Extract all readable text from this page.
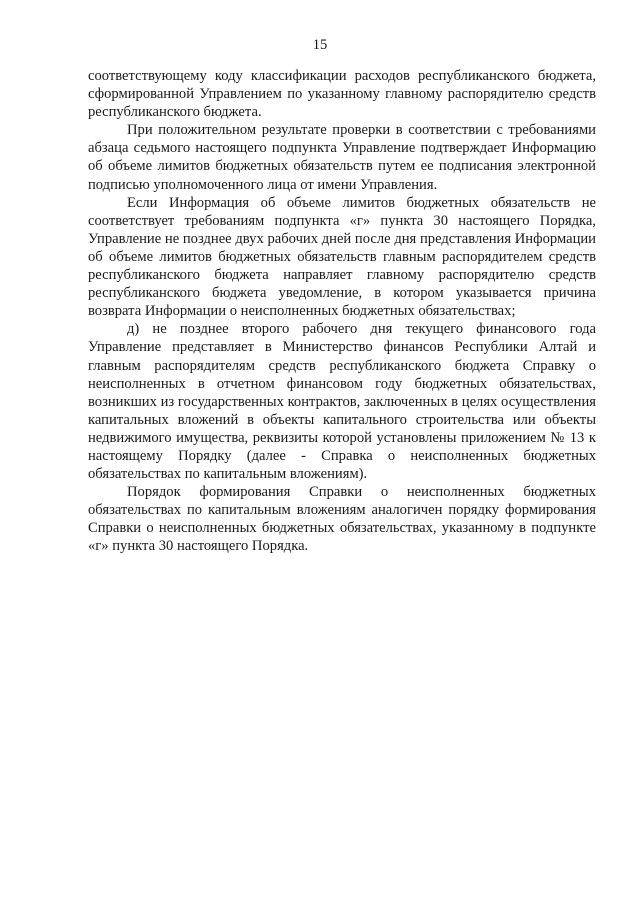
15

соответствующему коду классификации расходов республиканского бюджета, сформированной Управлением по указанному главному распорядителю средств республиканского бюджета.

При положительном результате проверки в соответствии с требованиями абзаца седьмого настоящего подпункта Управление подтверждает Информацию об объеме лимитов бюджетных обязательств путем ее подписания электронной подписью уполномоченного лица от имени Управления.

Если Информация об объеме лимитов бюджетных обязательств не соответствует требованиям подпункта «г» пункта 30 настоящего Порядка, Управление не позднее двух рабочих дней после дня представления Информации об объеме лимитов бюджетных обязательств главным распорядителем средств республиканского бюджета направляет главному распорядителю средств республиканского бюджета уведомление, в котором указывается причина возврата Информации о неисполненных бюджетных обязательствах;

д) не позднее второго рабочего дня текущего финансового года Управление представляет в Министерство финансов Республики Алтай и главным распорядителям средств республиканского бюджета Справку о неисполненных в отчетном финансовом году бюджетных обязательствах, возникших из государственных контрактов, заключенных в целях осуществления капитальных вложений в объекты капитального строительства или объекты недвижимого имущества, реквизиты которой установлены приложением № 13 к настоящему Порядку (далее - Справка о неисполненных бюджетных обязательствах по капитальным вложениям).

Порядок формирования Справки о неисполненных бюджетных обязательствах по капитальным вложениям аналогичен порядку формирования Справки о неисполненных бюджетных обязательствах, указанному в подпункте «г» пункта 30 настоящего Порядка.
